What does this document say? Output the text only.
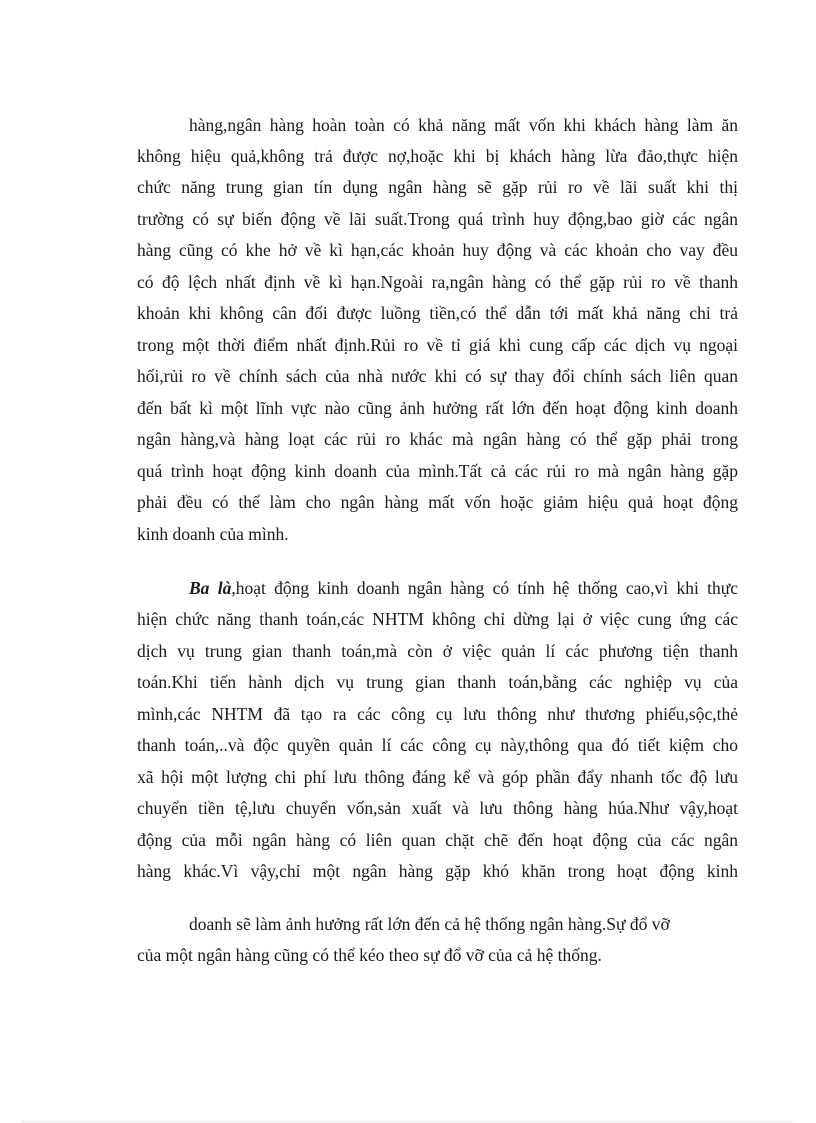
hàng,ngân hàng hoàn toàn có khả năng mất vốn khi khách hàng làm ăn
không hiệu quả,không trả được nợ,hoặc khi bị khách hàng lừa đảo,thực hiện
chức năng trung gian tín dụng ngân hàng sẽ gặp rủi ro về lãi suất khi thị
trường có sự biến động về lãi suất.Trong quá trình huy động,bao giờ các ngân
hàng cũng có khe hở về kì hạn,các khoản huy động và các khoản cho vay đều
có độ lệch nhất định về kì hạn.Ngoài ra,ngân hàng có thể gặp rủi ro về thanh
khoản khi không cân đối được luồng tiền,có thể dẫn tới mất khả năng chi trả
trong một thời điểm nhất định.Rủi ro về tỉ giá khi cung cấp các dịch vụ ngoại
hối,rủi ro về chính sách của nhà nước khi có sự thay đổi chính sách liên quan
đến bất kì một lĩnh vực nào cũng ảnh hưởng rất lớn đến hoạt động kinh doanh
ngân hàng,và hàng loạt các rủi ro khác mà ngân hàng có thể gặp phải trong
quá trình hoạt động kinh doanh của mình.Tất cả các rủi ro mà ngân hàng gặp
phải đều có thể làm cho ngân hàng mất vốn hoặc giảm hiệu quả hoạt động
kinh doanh của mình.
Ba là,hoạt động kinh doanh ngân hàng có tính hệ thống cao,vì khi thực
hiện chức năng thanh toán,các NHTM không chỉ dừng lại ở việc cung ứng các
dịch vụ trung gian thanh toán,mà còn ở việc quản lí các phương tiện thanh
toán.Khi tiến hành dịch vụ trung gian thanh toán,bằng các nghiệp vụ của
mình,các NHTM đã tạo ra các công cụ lưu thông như thương phiếu,sộc,thẻ
thanh toán,..và độc quyền quản lí các công cụ này,thông qua đó tiết kiệm cho
xã hội một lượng chi phí lưu thông đáng kể và góp phần đẩy nhanh tốc độ lưu
chuyển tiền tệ,lưu chuyển vốn,sản xuất và lưu thông hàng húa.Như vậy,hoạt
động của mỗi ngân hàng có liên quan chặt chẽ đến hoạt động của các ngân
hàng khác.Vì vậy,chỉ một ngân hàng gặp khó khăn trong hoạt động kinh
doanh sẽ làm ảnh hưởng rất lớn đến cả hệ thống ngân hàng.Sự đổ vỡ
của một ngân hàng cũng có thể kéo theo sự đổ vỡ của cả hệ thống.
